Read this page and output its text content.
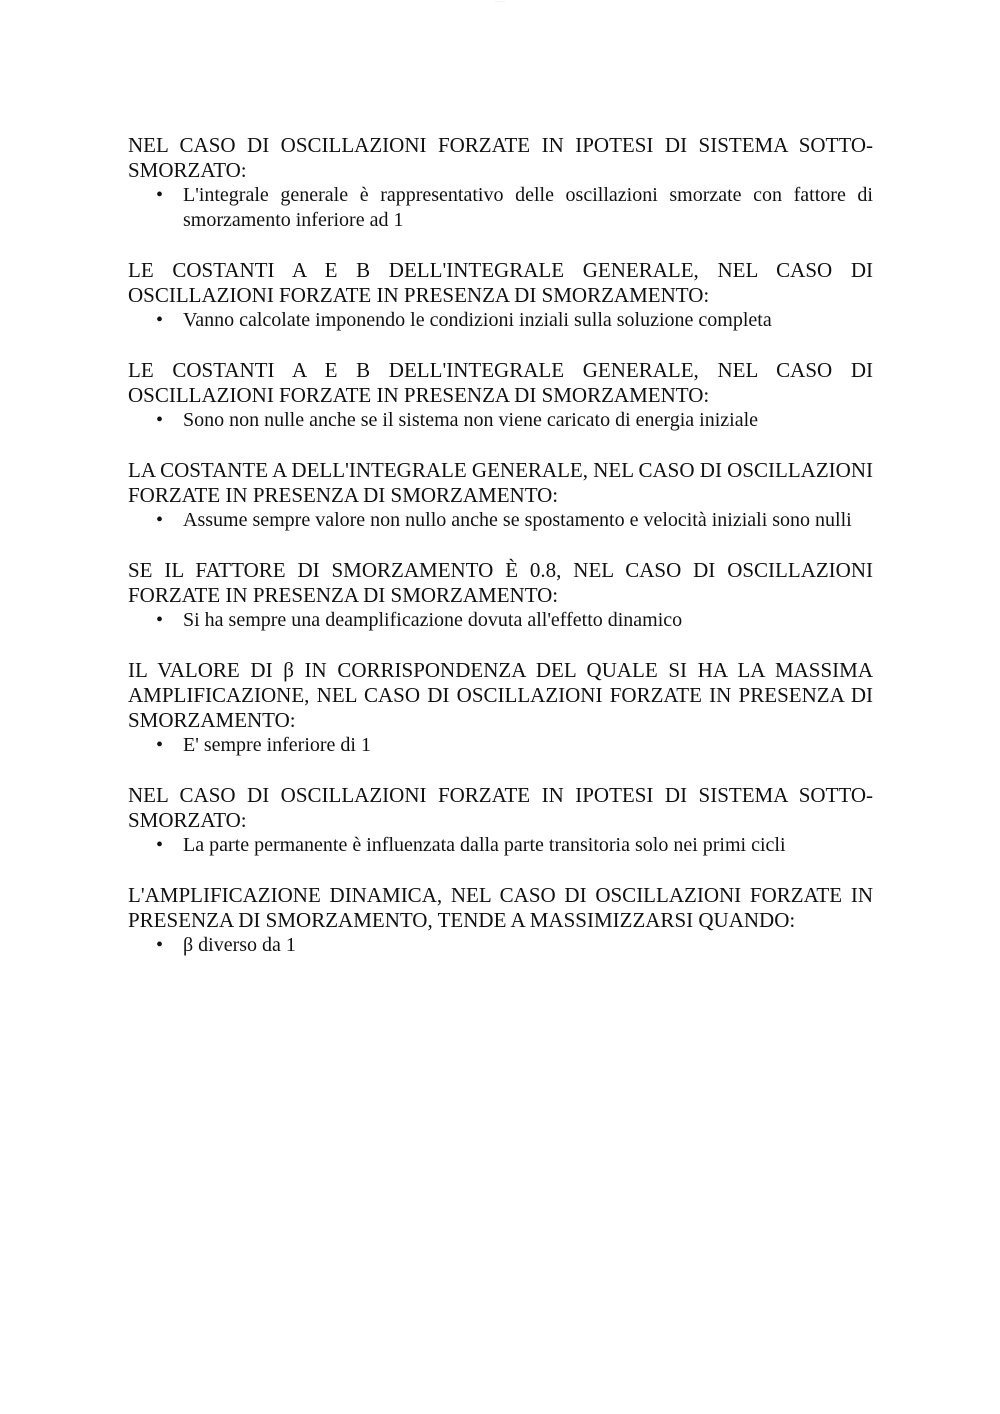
····· ·····

NEL CASO DI OSCILLAZIONI FORZATE IN IPOTESI DI SISTEMA SOTTO-SMORZATO:

• L'integrale generale è rappresentativo delle oscillazioni smorzate con fattore di smorzamento inferiore ad 1

LE COSTANTI A E B DELL'INTEGRALE GENERALE, NEL CASO DI OSCILLAZIONI FORZATE IN PRESENZA DI SMORZAMENTO:

• Vanno calcolate imponendo le condizioni inziali sulla soluzione completa

LE COSTANTI A E B DELL'INTEGRALE GENERALE, NEL CASO DI OSCILLAZIONI FORZATE IN PRESENZA DI SMORZAMENTO:

• Sono non nulle anche se il sistema non viene caricato di energia iniziale

LA COSTANTE A DELL'INTEGRALE GENERALE, NEL CASO DI OSCILLAZIONI FORZATE IN PRESENZA DI SMORZAMENTO:

• Assume sempre valore non nullo anche se spostamento e velocità iniziali sono nulli

SE IL FATTORE DI SMORZAMENTO È 0.8, NEL CASO DI OSCILLAZIONI FORZATE IN PRESENZA DI SMORZAMENTO:

• Si ha sempre una deamplificazione dovuta all'effetto dinamico

IL VALORE DI β IN CORRISPONDENZA DEL QUALE SI HA LA MASSIMA AMPLIFICAZIONE, NEL CASO DI OSCILLAZIONI FORZATE IN PRESENZA DI SMORZAMENTO:

• E' sempre inferiore di 1

NEL CASO DI OSCILLAZIONI FORZATE IN IPOTESI DI SISTEMA SOTTO-SMORZATO:

• La parte permanente è influenzata dalla parte transitoria solo nei primi cicli

L'AMPLIFICAZIONE DINAMICA, NEL CASO DI OSCILLAZIONI FORZATE IN PRESENZA DI SMORZAMENTO, TENDE A MASSIMIZZARSI QUANDO:

• β diverso da 1
